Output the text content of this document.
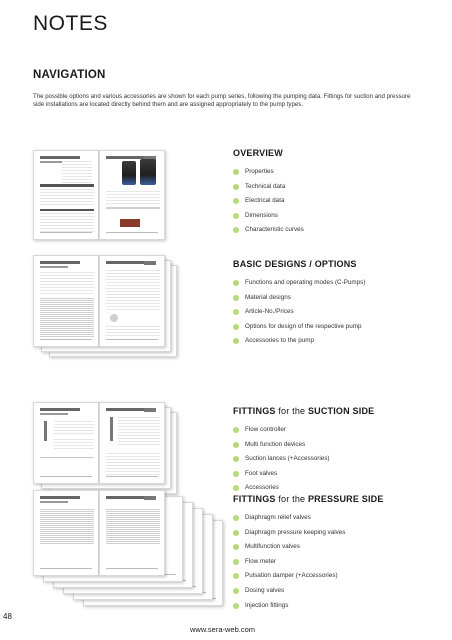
NOTES
NAVIGATION

The possible options and various accessories are shown for each pump series, following the pumping data. Fittings for suction and pressure side installations are located directly behind them and are assigned appropriately to the pump types.

OVERVIEW
Properties
Technical data
Electrical data
Dimensions
Characteristic curves
BASIC DESIGNS / OPTIONS
Functions and operating modes (C-Pumps)
Material designs
Article-No./Prices
Options for design of the respective pump
Accessories to the pump
FITTINGS for the SUCTION SIDE
Flow controller
Multi function devices
Suction lances (+Accessories)
Foot valves
Accessories
FITTINGS for the PRESSURE SIDE
Diaphragm relief valves
Diaphragm pressure keeping valves
Multifunction valves
Flow meter
Pulsation damper (+Accessories)
Dosing valves
Injection fittings
48
www.sera-web.com
